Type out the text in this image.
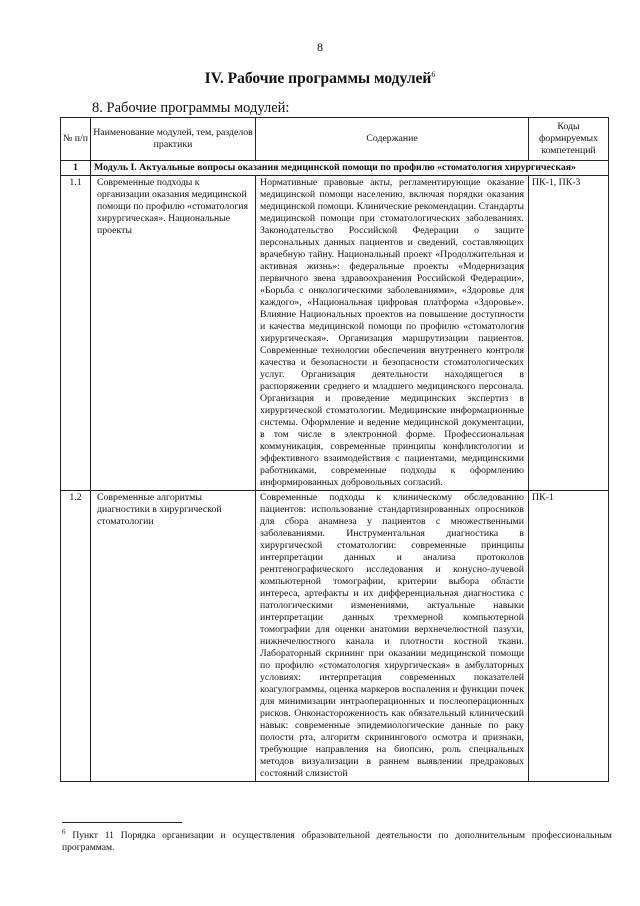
8
IV. Рабочие программы модулей$^6$
8. Рабочие программы модулей:
№ п/п	Наименование модулей, тем, разделов практики	Содержание	Коды формируемых компетенций
1	Модуль I. Актуальные вопросы оказания медицинской помощи по профилю «стоматология хирургическая»		
1.1	Современные подходы к организации оказания медицинской помощи по профилю «стоматология хирургическая». Национальные проекты	Нормативные правовые акты, регламентирующие оказание медицинской помощи населению, включая порядки оказания медицинской помощи. Клинические рекомендации. Стандарты медицинской помощи при стоматологических заболеваниях. Законодательство Российской Федерации о защите персональных данных пациентов и сведений, составляющих врачебную тайну. Национальный проект «Продолжительная и активная жизнь»: федеральные проекты «Модернизация первичного звена здравоохранения Российской Федерации», «Борьба с онкологическими заболеваниями», «Здоровье для каждого», «Национальная цифровая платформа «Здоровье». Влияние Национальных проектов на повышение доступности и качества медицинской помощи по профилю «стоматология хирургическая». Организация маршрутизации пациентов. Современные технологии обеспечения внутреннего контроля качества и безопасности и безопасности стоматологических услуг. Организация деятельности находящегося в распоряжении среднего и младшего медицинского персонала. Организация и проведение медицинских экспертиз в хирургической стоматологии. Медицинские информационные системы. Оформление и ведение медицинской документации, в том числе в электронной форме. Профессиональная коммуникация, современные принципы конфликтологии и эффективного взаимодействия с пациентами, медицинскими работниками, современные подходы к оформлению информированных добровольных согласий.	ПК-1, ПК-3
1.2	Современные алгоритмы диагностики в хирургической стоматологии	Современные подходы к клиническому обследованию пациентов: использование стандартизированных опросников для сбора анамнеза у пациентов с множественными заболеваниями. Инструментальная диагностика в хирургической стоматологии: современные принципы интерпретации данных и анализа протоколов рентгенографического исследования и конусно-лучевой компьютерной томографии, критерии выбора области интереса, артефакты и их дифференциальная диагностика с патологическими изменениями, актуальные навыки интерпретации данных трехмерной компьютерной томографии для оценки анатомии верхнечелюстной пазухи, нижнечелюстного канала и плотности костной ткани. Лабораторный скрининг при оказании медицинской помощи по профилю «стоматология хирургическая» в амбулаторных условиях: интерпретация современных показателей коагулограммы, оценка маркеров воспаления и функции почек для минимизации интраоперационных и послеоперационных рисков. Онконастороженность как обязательный клинический навык: современные эпидемиологические данные по раку полости рта, алгоритм скринингового осмотра и признаки, требующие направления на биопсию, роль специальных методов визуализации в раннем выявлении предраковых состояний слизистой	ПК-1
$^6$ Пункт 11 Порядка организации и осуществления образовательной деятельности по дополнительным профессиональным программам.
